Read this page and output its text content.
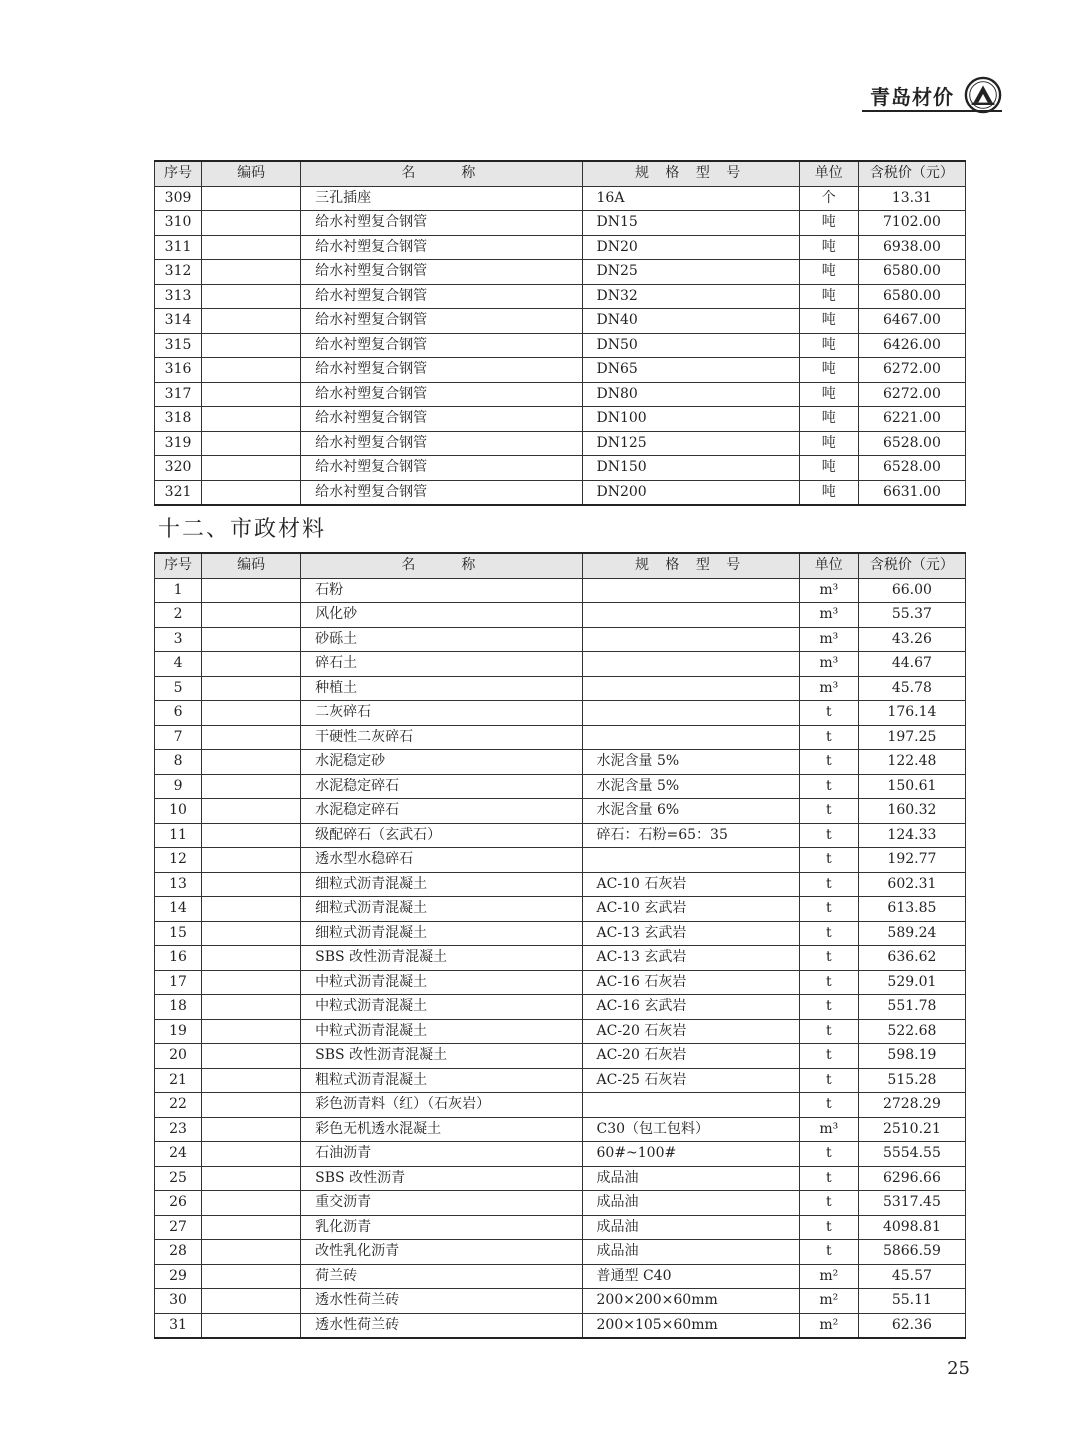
青岛材价
序号	编码	名　　称	规 格 型 号	单位	含税价（元）
309		三孔插座	16A	个	13.31
310		给水衬塑复合钢管	DN15	吨	7102.00
311		给水衬塑复合钢管	DN20	吨	6938.00
312		给水衬塑复合钢管	DN25	吨	6580.00
313		给水衬塑复合钢管	DN32	吨	6580.00
314		给水衬塑复合钢管	DN40	吨	6467.00
315		给水衬塑复合钢管	DN50	吨	6426.00
316		给水衬塑复合钢管	DN65	吨	6272.00
317		给水衬塑复合钢管	DN80	吨	6272.00
318		给水衬塑复合钢管	DN100	吨	6221.00
319		给水衬塑复合钢管	DN125	吨	6528.00
320		给水衬塑复合钢管	DN150	吨	6528.00
321		给水衬塑复合钢管	DN200	吨	6631.00
十二、市政材料
序号	编码	名　　称	规 格 型 号	单位	含税价（元）
1		石粉		m³	66.00
2		风化砂		m³	55.37
3		砂砾土		m³	43.26
4		碎石土		m³	44.67
5		种植土		m³	45.78
6		二灰碎石		t	176.14
7		干硬性二灰碎石		t	197.25
8		水泥稳定砂	水泥含量 5%	t	122.48
9		水泥稳定碎石	水泥含量 5%	t	150.61
10		水泥稳定碎石	水泥含量 6%	t	160.32
11		级配碎石（玄武石）	碎石：石粉=65：35	t	124.33
12		透水型水稳碎石		t	192.77
13		细粒式沥青混凝土	AC-10 石灰岩	t	602.31
14		细粒式沥青混凝土	AC-10 玄武岩	t	613.85
15		细粒式沥青混凝土	AC-13 玄武岩	t	589.24
16		SBS 改性沥青混凝土	AC-13 玄武岩	t	636.62
17		中粒式沥青混凝土	AC-16 石灰岩	t	529.01
18		中粒式沥青混凝土	AC-16 玄武岩	t	551.78
19		中粒式沥青混凝土	AC-20 石灰岩	t	522.68
20		SBS 改性沥青混凝土	AC-20 石灰岩	t	598.19
21		粗粒式沥青混凝土	AC-25 石灰岩	t	515.28
22		彩色沥青料（红）（石灰岩）		t	2728.29
23		彩色无机透水混凝土	C30（包工包料）	m³	2510.21
24		石油沥青	60#~100#	t	5554.55
25		SBS 改性沥青	成品油	t	6296.66
26		重交沥青	成品油	t	5317.45
27		乳化沥青	成品油	t	4098.81
28		改性乳化沥青	成品油	t	5866.59
29		荷兰砖	普通型 C40	m²	45.57
30		透水性荷兰砖	200×200×60mm	m²	55.11
31		透水性荷兰砖	200×105×60mm	m²	62.36
25
